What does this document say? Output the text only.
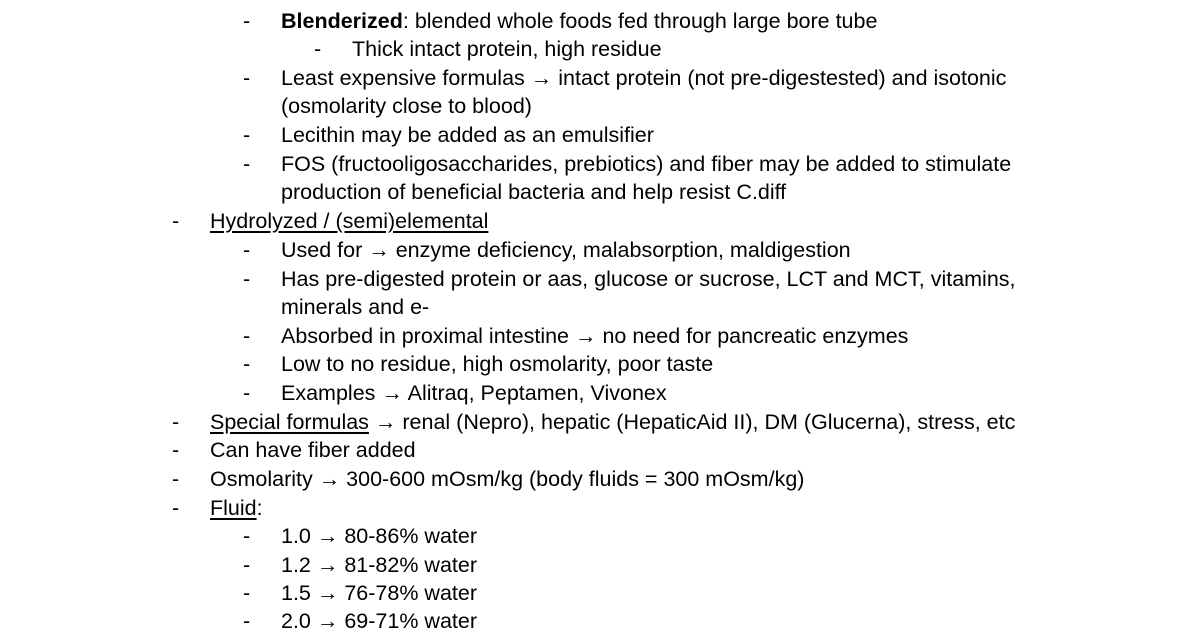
- Blenderized: blended whole foods fed through large bore tube
- Thick intact protein, high residue
- Least expensive formulas → intact protein (not pre-digestested) and isotonic
(osmolarity close to blood)
- Lecithin may be added as an emulsifier
- FOS (fructooligosaccharides, prebiotics) and fiber may be added to stimulate
production of beneficial bacteria and help resist C.diff
- Hydrolyzed / (semi)elemental
- Used for → enzyme deficiency, malabsorption, maldigestion
- Has pre-digested protein or aas, glucose or sucrose, LCT and MCT, vitamins,
minerals and e-
- Absorbed in proximal intestine → no need for pancreatic enzymes
- Low to no residue, high osmolarity, poor taste
- Examples → Alitraq, Peptamen, Vivonex
- Special formulas → renal (Nepro), hepatic (HepaticAid II), DM (Glucerna), stress, etc
- Can have fiber added
- Osmolarity → 300-600 mOsm/kg (body fluids = 300 mOsm/kg)
- Fluid:
- 1.0 → 80-86% water
- 1.2 → 81-82% water
- 1.5 → 76-78% water
- 2.0 → 69-71% water
